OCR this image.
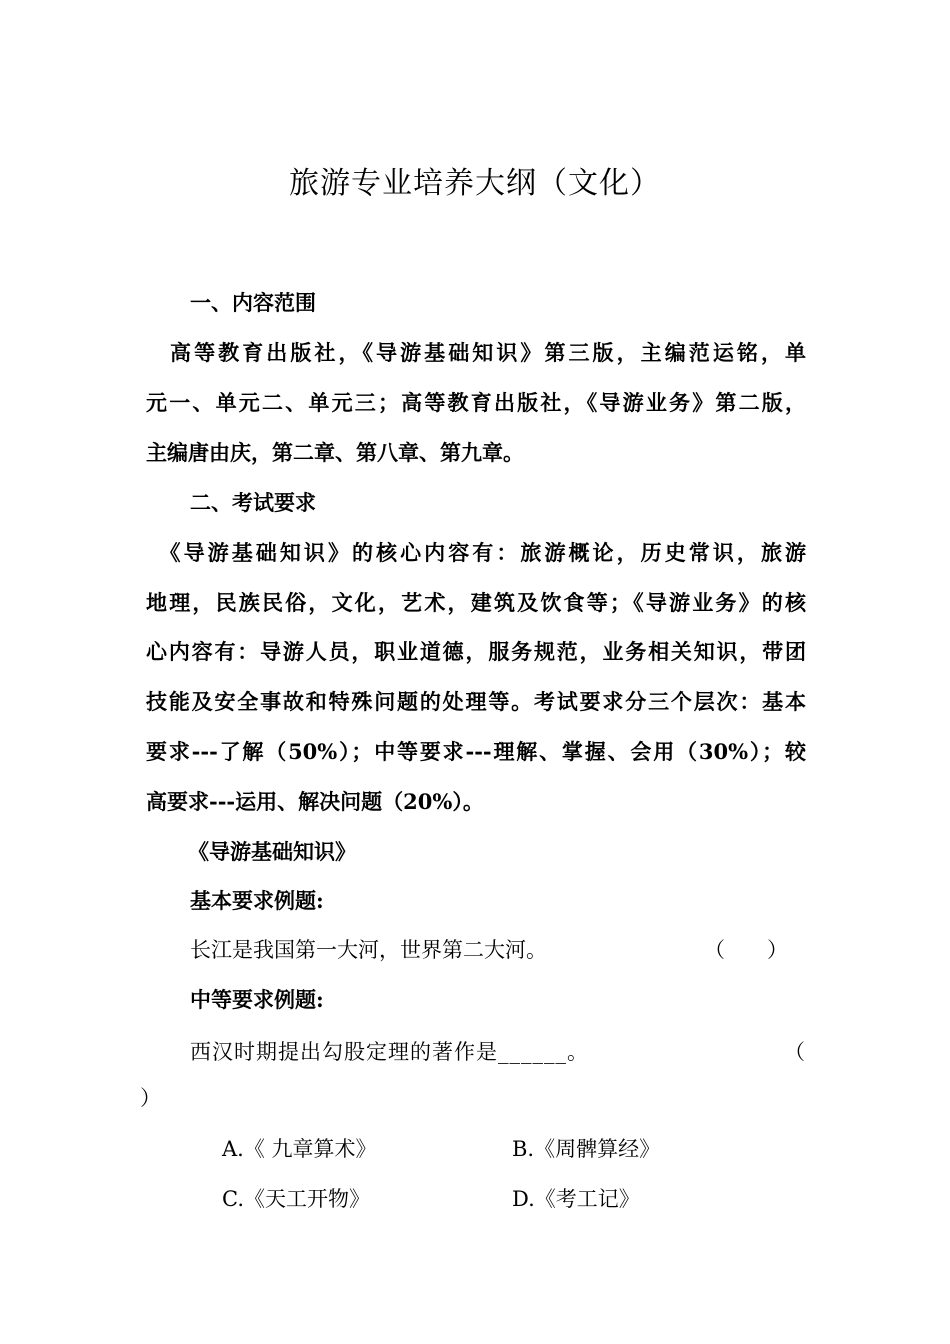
旅游专业培养大纲（文化）
一、内容范围
　高等教育出版社，《导游基础知识》第三版，主编范运铭，单
元一、单元二、单元三；高等教育出版社，《导游业务》第二版，
主编唐由庆，第二章、第八章、第九章。
二、考试要求
　《导游基础知识》的核心内容有：旅游概论，历史常识，旅游
地理，民族民俗，文化，艺术，建筑及饮食等；《导游业务》的核
心内容有：导游人员，职业道德，服务规范，业务相关知识，带团
技能及安全事故和特殊问题的处理等。考试要求分三个层次：基本
要求---了解（50%）；中等要求---理解、掌握、会用（30%）；较
高要求---运用、解决问题（20%）。
《导游基础知识》
基本要求例题:
长江是我国第一大河，世界第二大河。	（　　）
中等要求例题:
西汉时期提出勾股定理的著作是______。	（
）
A.《 九章算术》	B.《周髀算经》
C.《天工开物》	D.《考工记》
